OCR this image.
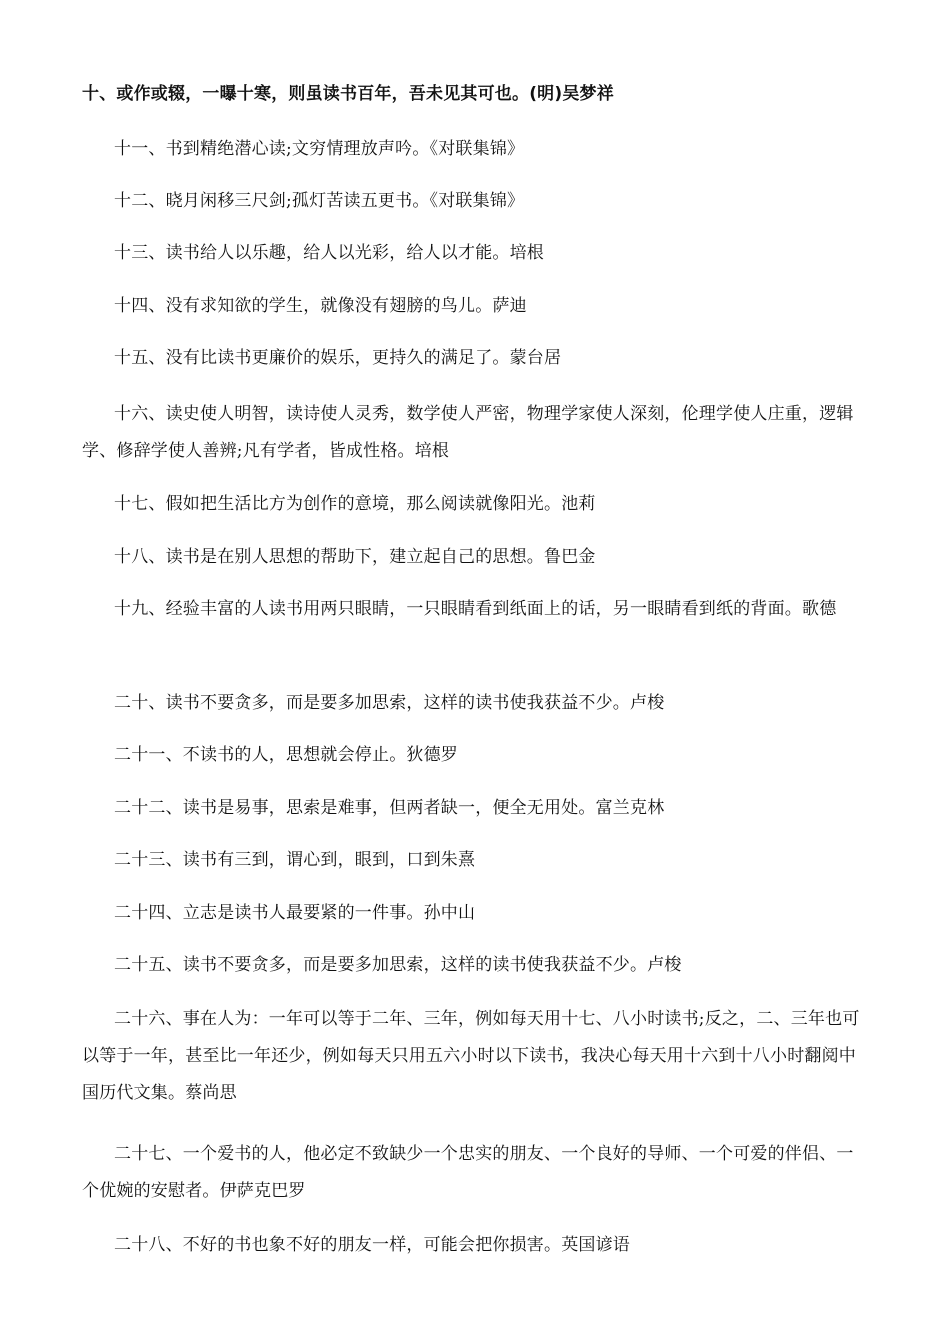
十、或作或辍，一曝十寒，则虽读书百年，吾未见其可也。(明)吴梦祥

十一、书到精绝潜心读;文穷情理放声吟。《对联集锦》

十二、晓月闲移三尺剑;孤灯苦读五更书。《对联集锦》

十三、读书给人以乐趣，给人以光彩，给人以才能。培根

十四、没有求知欲的学生，就像没有翅膀的鸟儿。萨迪

十五、没有比读书更廉价的娱乐，更持久的满足了。蒙台居

十六、读史使人明智，读诗使人灵秀，数学使人严密，物理学家使人深刻，伦理学使人庄重，逻辑学、修辞学使人善辨;凡有学者，皆成性格。培根

十七、假如把生活比方为创作的意境，那么阅读就像阳光。池莉

十八、读书是在别人思想的帮助下，建立起自己的思想。鲁巴金

十九、经验丰富的人读书用两只眼睛，一只眼睛看到纸面上的话，另一眼睛看到纸的背面。歌德

二十、读书不要贪多，而是要多加思索，这样的读书使我获益不少。卢梭

二十一、不读书的人，思想就会停止。狄德罗

二十二、读书是易事，思索是难事，但两者缺一，便全无用处。富兰克林

二十三、读书有三到，谓心到，眼到，口到朱熹

二十四、立志是读书人最要紧的一件事。孙中山

二十五、读书不要贪多，而是要多加思索，这样的读书使我获益不少。卢梭

二十六、事在人为：一年可以等于二年、三年，例如每天用十七、八小时读书;反之，二、三年也可以等于一年，甚至比一年还少，例如每天只用五六小时以下读书，我决心每天用十六到十八小时翻阅中国历代文集。蔡尚思

二十七、一个爱书的人，他必定不致缺少一个忠实的朋友、一个良好的导师、一个可爱的伴侣、一个优婉的安慰者。伊萨克巴罗

二十八、不好的书也象不好的朋友一样，可能会把你损害。英国谚语
